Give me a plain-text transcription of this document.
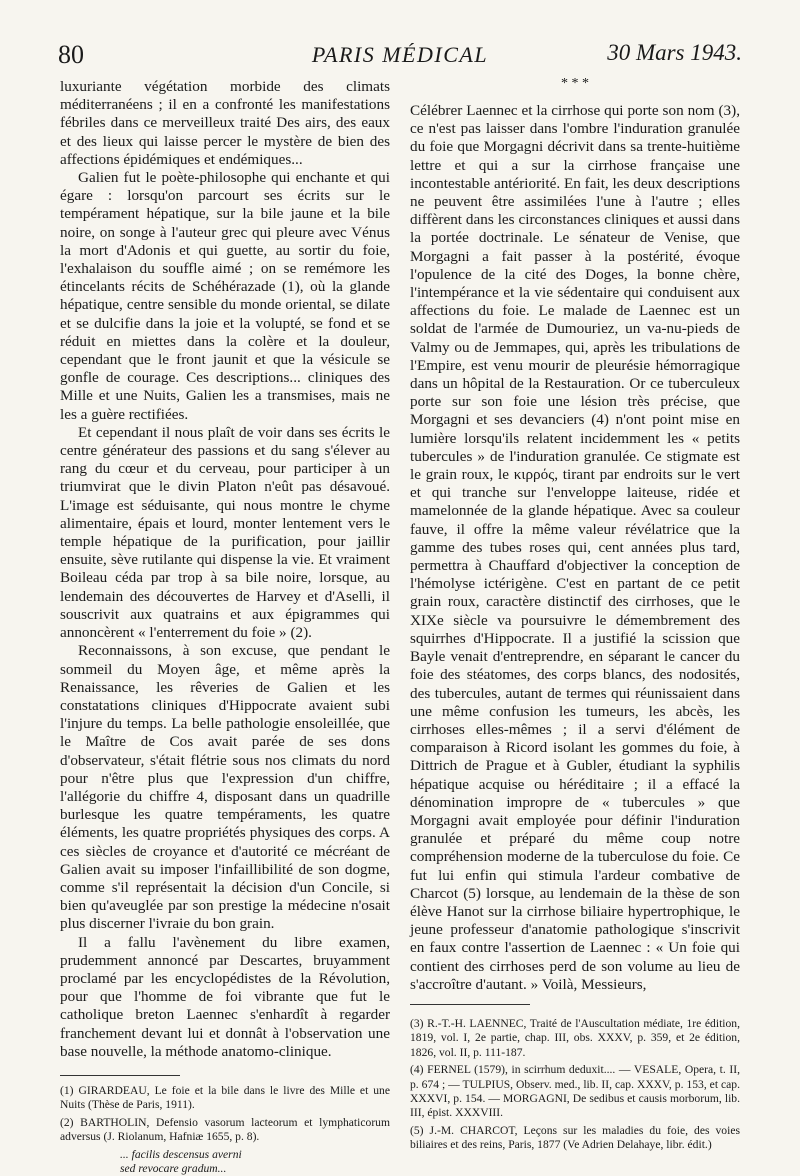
80	PARIS MÉDICAL	30 Mars 1943.

luxuriante végétation morbide des climats méditerranéens ; il en a confronté les manifestations fébriles dans ce merveilleux traité Des airs, des eaux et des lieux qui laisse percer le mystère de bien des affections épidémiques et endémiques...

Galien fut le poète-philosophe qui enchante et qui égare : lorsqu'on parcourt ses écrits sur le tempérament hépatique, sur la bile jaune et la bile noire, on songe à l'auteur grec qui pleure avec Vénus la mort d'Adonis et qui guette, au sortir du foie, l'exhalaison du souffle aimé ; on se remémore les étincelants récits de Schéhérazade (1), où la glande hépatique, centre sensible du monde oriental, se dilate et se dulcifie dans la joie et la volupté, se fond et se réduit en miettes dans la colère et la douleur, cependant que le front jaunit et que la vésicule se gonfle de courage. Ces descriptions... cliniques des Mille et une Nuits, Galien les a transmises, mais ne les a guère rectifiées.

Et cependant il nous plaît de voir dans ses écrits le centre générateur des passions et du sang s'élever au rang du cœur et du cerveau, pour participer à un triumvirat que le divin Platon n'eût pas désavoué. L'image est séduisante, qui nous montre le chyme alimentaire, épais et lourd, monter lentement vers le temple hépatique de la purification, pour jaillir ensuite, sève rutilante qui dispense la vie. Et vraiment Boileau céda par trop à sa bile noire, lorsque, au lendemain des découvertes de Harvey et d'Aselli, il souscrivit aux quatrains et aux épigrammes qui annoncèrent « l'enterrement du foie » (2).

Reconnaissons, à son excuse, que pendant le sommeil du Moyen âge, et même après la Renaissance, les rêveries de Galien et les constatations cliniques d'Hippocrate avaient subi l'injure du temps. La belle pathologie ensoleillée, que le Maître de Cos avait parée de ses dons d'observateur, s'était flétrie sous nos climats du nord pour n'être plus que l'expression d'un chiffre, l'allégorie du chiffre 4, disposant dans un quadrille burlesque les quatre tempéraments, les quatre éléments, les quatre propriétés physiques des corps. A ces siècles de croyance et d'autorité ce mécréant de Galien avait su imposer l'infaillibilité de son dogme, comme s'il représentait la décision d'un Concile, si bien qu'aveuglée par son prestige la médecine n'osait plus discerner l'ivraie du bon grain.

Il a fallu l'avènement du libre examen, prudemment annoncé par Descartes, bruyamment proclamé par les encyclopédistes de la Révolution, pour que l'homme de foi vibrante que fut le catholique breton Laennec s'enhardît à regarder franchement devant lui et donnât à l'observation une base nouvelle, la méthode anatomo-clinique.

(1) GIRARDEAU, Le foie et la bile dans le livre des Mille et une Nuits (Thèse de Paris, 1911).

(2) BARTHOLIN, Defensio vasorum lacteorum et lymphaticorum adversus (J. Riolanum, Hafniæ 1655, p. 8).

... facilis descensus averni

sed revocare gradum...

* * *

Célébrer Laennec et la cirrhose qui porte son nom (3), ce n'est pas laisser dans l'ombre l'induration granulée du foie que Morgagni décrivit dans sa trente-huitième lettre et qui a sur la cirrhose française une incontestable antériorité. En fait, les deux descriptions ne peuvent être assimilées l'une à l'autre ; elles diffèrent dans les circonstances cliniques et aussi dans la portée doctrinale. Le sénateur de Venise, que Morgagni a fait passer à la postérité, évoque l'opulence de la cité des Doges, la bonne chère, l'intempérance et la vie sédentaire qui conduisent aux affections du foie. Le malade de Laennec est un soldat de l'armée de Dumouriez, un va-nu-pieds de Valmy ou de Jemmapes, qui, après les tribulations de l'Empire, est venu mourir de pleurésie hémorragique dans un hôpital de la Restauration. Or ce tuberculeux porte sur son foie une lésion très précise, que Morgagni et ses devanciers (4) n'ont point mise en lumière lorsqu'ils relatent incidemment les « petits tubercules » de l'induration granulée. Ce stigmate est le grain roux, le κιρρός, tirant par endroits sur le vert et qui tranche sur l'enveloppe laiteuse, ridée et mamelonnée de la glande hépatique. Avec sa couleur fauve, il offre la même valeur révélatrice que la gamme des tubes roses qui, cent années plus tard, permettra à Chauffard d'objectiver la conception de l'hémolyse ictérigène. C'est en partant de ce petit grain roux, caractère distinctif des cirrhoses, que le XIXe siècle va poursuivre le démembrement des squirrhes d'Hippocrate. Il a justifié la scission que Bayle venait d'entreprendre, en séparant le cancer du foie des stéatomes, des corps blancs, des nodosités, des tubercules, autant de termes qui réunissaient dans une même confusion les tumeurs, les abcès, les cirrhoses elles-mêmes ; il a servi d'élément de comparaison à Ricord isolant les gommes du foie, à Dittrich de Prague et à Gubler, étudiant la syphilis hépatique acquise ou héréditaire ; il a effacé la dénomination impropre de « tubercules » que Morgagni avait employée pour définir l'induration granulée et préparé du même coup notre compréhension moderne de la tuberculose du foie. Ce fut lui enfin qui stimula l'ardeur combative de Charcot (5) lorsque, au lendemain de la thèse de son élève Hanot sur la cirrhose biliaire hypertrophique, le jeune professeur d'anatomie pathologique s'inscrivit en faux contre l'assertion de Laennec : « Un foie qui contient des cirrhoses perd de son volume au lieu de s'accroître d'autant. » Voilà, Messieurs,

(3) R.-T.-H. LAENNEC, Traité de l'Auscultation médiate, 1re édition, 1819, vol. I, 2e partie, chap. III, obs. XXXV, p. 359, et 2e édition, 1826, vol. II, p. 111-187.

(4) FERNEL (1579), in scirrhum deduxit.... — VESALE, Opera, t. II, p. 674 ; — TULPIUS, Observ. med., lib. II, cap. XXXV, p. 153, et cap. XXXVI, p. 154. — MORGAGNI, De sedibus et causis morborum, lib. III, épist. XXXVIII.

(5) J.-M. CHARCOT, Leçons sur les maladies du foie, des voies biliaires et des reins, Paris, 1877 (Ve Adrien Delahaye, libr. édit.)
